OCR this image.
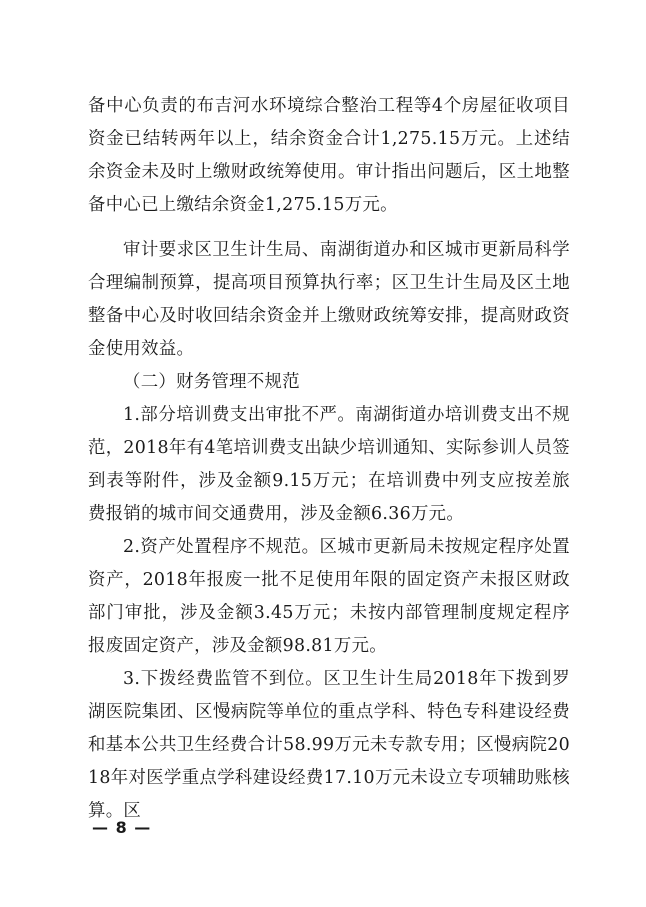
备中心负责的布吉河水环境综合整治工程等4个房屋征收项目资金已结转两年以上，结余资金合计1,275.15万元。上述结余资金未及时上缴财政统筹使用。审计指出问题后，区土地整备中心已上缴结余资金1,275.15万元。

审计要求区卫生计生局、南湖街道办和区城市更新局科学合理编制预算，提高项目预算执行率；区卫生计生局及区土地整备中心及时收回结余资金并上缴财政统筹安排，提高财政资金使用效益。

（二）财务管理不规范

1.部分培训费支出审批不严。南湖街道办培训费支出不规范，2018年有4笔培训费支出缺少培训通知、实际参训人员签到表等附件，涉及金额9.15万元；在培训费中列支应按差旅费报销的城市间交通费用，涉及金额6.36万元。

2.资产处置程序不规范。区城市更新局未按规定程序处置资产，2018年报废一批不足使用年限的固定资产未报区财政部门审批，涉及金额3.45万元；未按内部管理制度规定程序报废固定资产，涉及金额98.81万元。

3.下拨经费监管不到位。区卫生计生局2018年下拨到罗湖医院集团、区慢病院等单位的重点学科、特色专科建设经费和基本公共卫生经费合计58.99万元未专款专用；区慢病院2018年对医学重点学科建设经费17.10万元未设立专项辅助账核算。区

— 8 —
